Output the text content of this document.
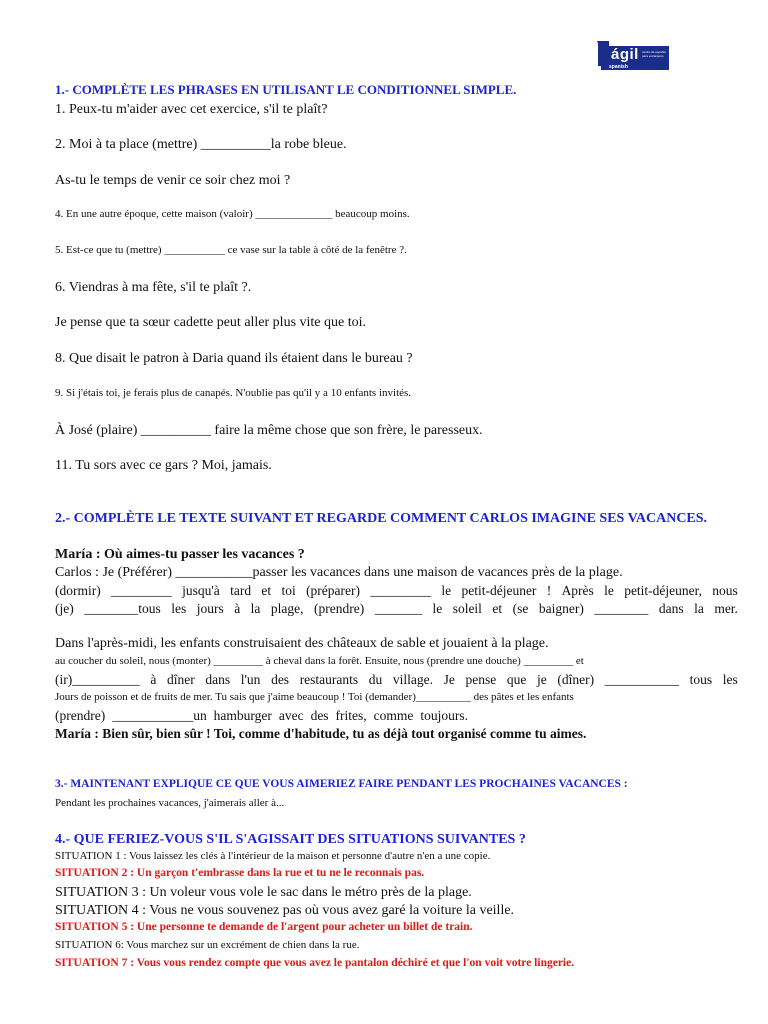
ágil
spanish institute
centro de español para extranjeros
1.- COMPLÈTE LES PHRASES EN UTILISANT LE CONDITIONNEL SIMPLE.
1. Peux-tu m'aider avec cet exercice, s'il te plaît?
2. Moi à ta place (mettre) __________la robe bleue.
As-tu le temps de venir ce soir chez moi ?
4. En une autre époque, cette maison (valoir) ______________ beaucoup moins.
5. Est-ce que tu (mettre) ___________ ce vase sur la table à côté de la fenêtre ?.
6. Viendras à ma fête, s'il te plaît ?.
Je pense que ta sœur cadette peut aller plus vite que toi.
8. Que disait le patron à Daria quand ils étaient dans le bureau ?
9. Si j'étais toi, je ferais plus de canapés. N'oublie pas qu'il y a 10 enfants invités.
À José (plaire) __________ faire la même chose que son frère, le paresseux.
11. Tu sors avec ce gars ? Moi, jamais.
2.- COMPLÈTE LE TEXTE SUIVANT ET REGARDE COMMENT CARLOS IMAGINE SES VACANCES.
María : Où aimes-tu passer les vacances ?
Carlos : Je (Préférer) ___________passer les vacances dans une maison de vacances près de la plage.
(dormir) _________ jusqu'à tard et toi (préparer) _________ le petit-déjeuner ! Après le petit-déjeuner, nous
(je) ________tous les jours à la plage, (prendre) _______ le soleil et (se baigner) ________ dans la mer.
Dans l'après-midi, les enfants construisaient des châteaux de sable et jouaient à la plage.
au coucher du soleil, nous (monter) _________ à cheval dans la forêt. Ensuite, nous (prendre une douche) _________ et
(ir)__________ à dîner dans l'un des restaurants du village. Je pense que je (dîner) ___________ tous les
Jours de poisson et de fruits de mer. Tu sais que j'aime beaucoup ! Toi (demander)__________ des pâtes et les enfants
(prendre) ____________un hamburger avec des frites, comme toujours.
María : Bien sûr, bien sûr ! Toi, comme d'habitude, tu as déjà tout organisé comme tu aimes.
3.- MAINTENANT EXPLIQUE CE QUE VOUS AIMERIEZ FAIRE PENDANT LES PROCHAINES VACANCES :
Pendant les prochaines vacances, j'aimerais aller à...
4.- QUE FERIEZ-VOUS S'IL S'AGISSAIT DES SITUATIONS SUIVANTES ?
SITUATION 1 : Vous laissez les clés à l'intérieur de la maison et personne d'autre n'en a une copie.
SITUATION 2 : Un garçon t'embrasse dans la rue et tu ne le reconnais pas.
SITUATION 3 : Un voleur vous vole le sac dans le métro près de la plage.
SITUATION 4 : Vous ne vous souvenez pas où vous avez garé la voiture la veille.
SITUATION 5 : Une personne te demande de l'argent pour acheter un billet de train.
SITUATION 6: Vous marchez sur un excrément de chien dans la rue.
SITUATION 7 : Vous vous rendez compte que vous avez le pantalon déchiré et que l'on voit votre lingerie.
